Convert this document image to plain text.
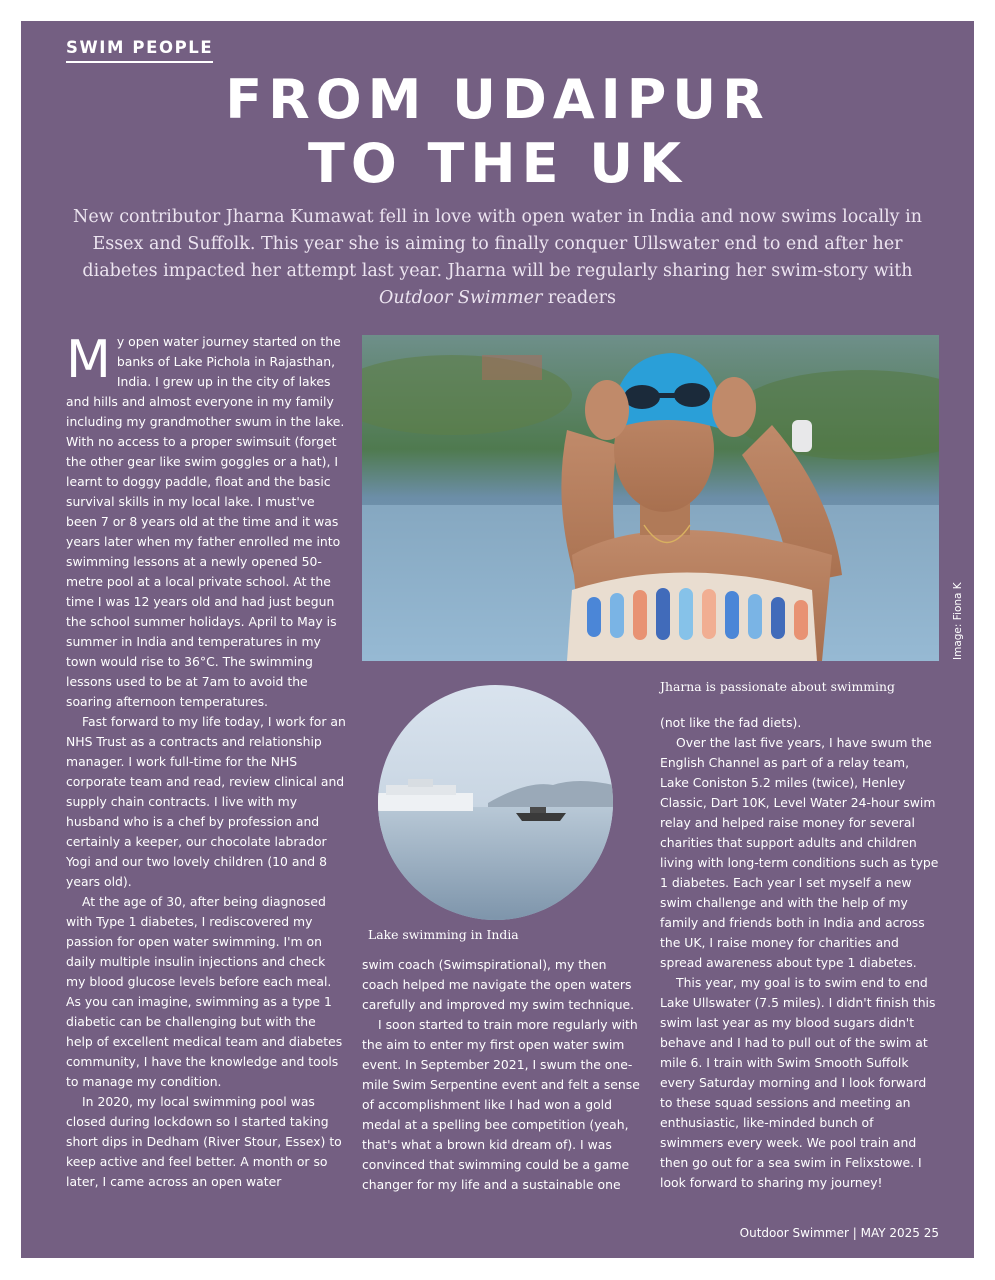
SWIM PEOPLE
FROM UDAIPUR
TO THE UK

New contributor Jharna Kumawat fell in love with open water in India and now swims locally in Essex and Suffolk. This year she is aiming to finally conquer Ullswater end to end after her diabetes impacted her attempt last year. Jharna will be regularly sharing her swim-story with Outdoor Swimmer readers

M y open water journey started on the banks of Lake Pichola in Rajasthan, India. I grew up in the city of lakes and hills and almost everyone in my family including my grandmother swum in the lake. With no access to a proper swimsuit (forget the other gear like swim goggles or a hat), I learnt to doggy paddle, float and the basic survival skills in my local lake. I must've been 7 or 8 years old at the time and it was years later when my father enrolled me into swimming lessons at a newly opened 50-metre pool at a local private school. At the time I was 12 years old and had just begun the school summer holidays. April to May is summer in India and temperatures in my town would rise to 36°C. The swimming lessons used to be at 7am to avoid the soaring afternoon temperatures.

Fast forward to my life today, I work for an NHS Trust as a contracts and relationship manager. I work full-time for the NHS corporate team and read, review clinical and supply chain contracts. I live with my husband who is a chef by profession and certainly a keeper, our chocolate labrador Yogi and our two lovely children (10 and 8 years old).

At the age of 30, after being diagnosed with Type 1 diabetes, I rediscovered my passion for open water swimming. I'm on daily multiple insulin injections and check my blood glucose levels before each meal. As you can imagine, swimming as a type 1 diabetic can be challenging but with the help of excellent medical team and diabetes community, I have the knowledge and tools to manage my condition.

In 2020, my local swimming pool was closed during lockdown so I started taking short dips in Dedham (River Stour, Essex) to keep active and feel better. A month or so later, I came across an open water

Image: Fiona K
Jharna is passionate about swimming
Lake swimming in India

swim coach (Swimspirational), my then coach helped me navigate the open waters carefully and improved my swim technique.

I soon started to train more regularly with the aim to enter my first open water swim event. In September 2021, I swum the one-mile Swim Serpentine event and felt a sense of accomplishment like I had won a gold medal at a spelling bee competition (yeah, that's what a brown kid dream of). I was convinced that swimming could be a game changer for my life and a sustainable one

(not like the fad diets).

Over the last five years, I have swum the English Channel as part of a relay team, Lake Coniston 5.2 miles (twice), Henley Classic, Dart 10K, Level Water 24-hour swim relay and helped raise money for several charities that support adults and children living with long-term conditions such as type 1 diabetes. Each year I set myself a new swim challenge and with the help of my family and friends both in India and across the UK, I raise money for charities and spread awareness about type 1 diabetes.

This year, my goal is to swim end to end Lake Ullswater (7.5 miles). I didn't finish this swim last year as my blood sugars didn't behave and I had to pull out of the swim at mile 6. I train with Swim Smooth Suffolk every Saturday morning and I look forward to these squad sessions and meeting an enthusiastic, like-minded bunch of swimmers every week. We pool train and then go out for a sea swim in Felixstowe. I look forward to sharing my journey!

Outdoor Swimmer | MAY 2025 25
